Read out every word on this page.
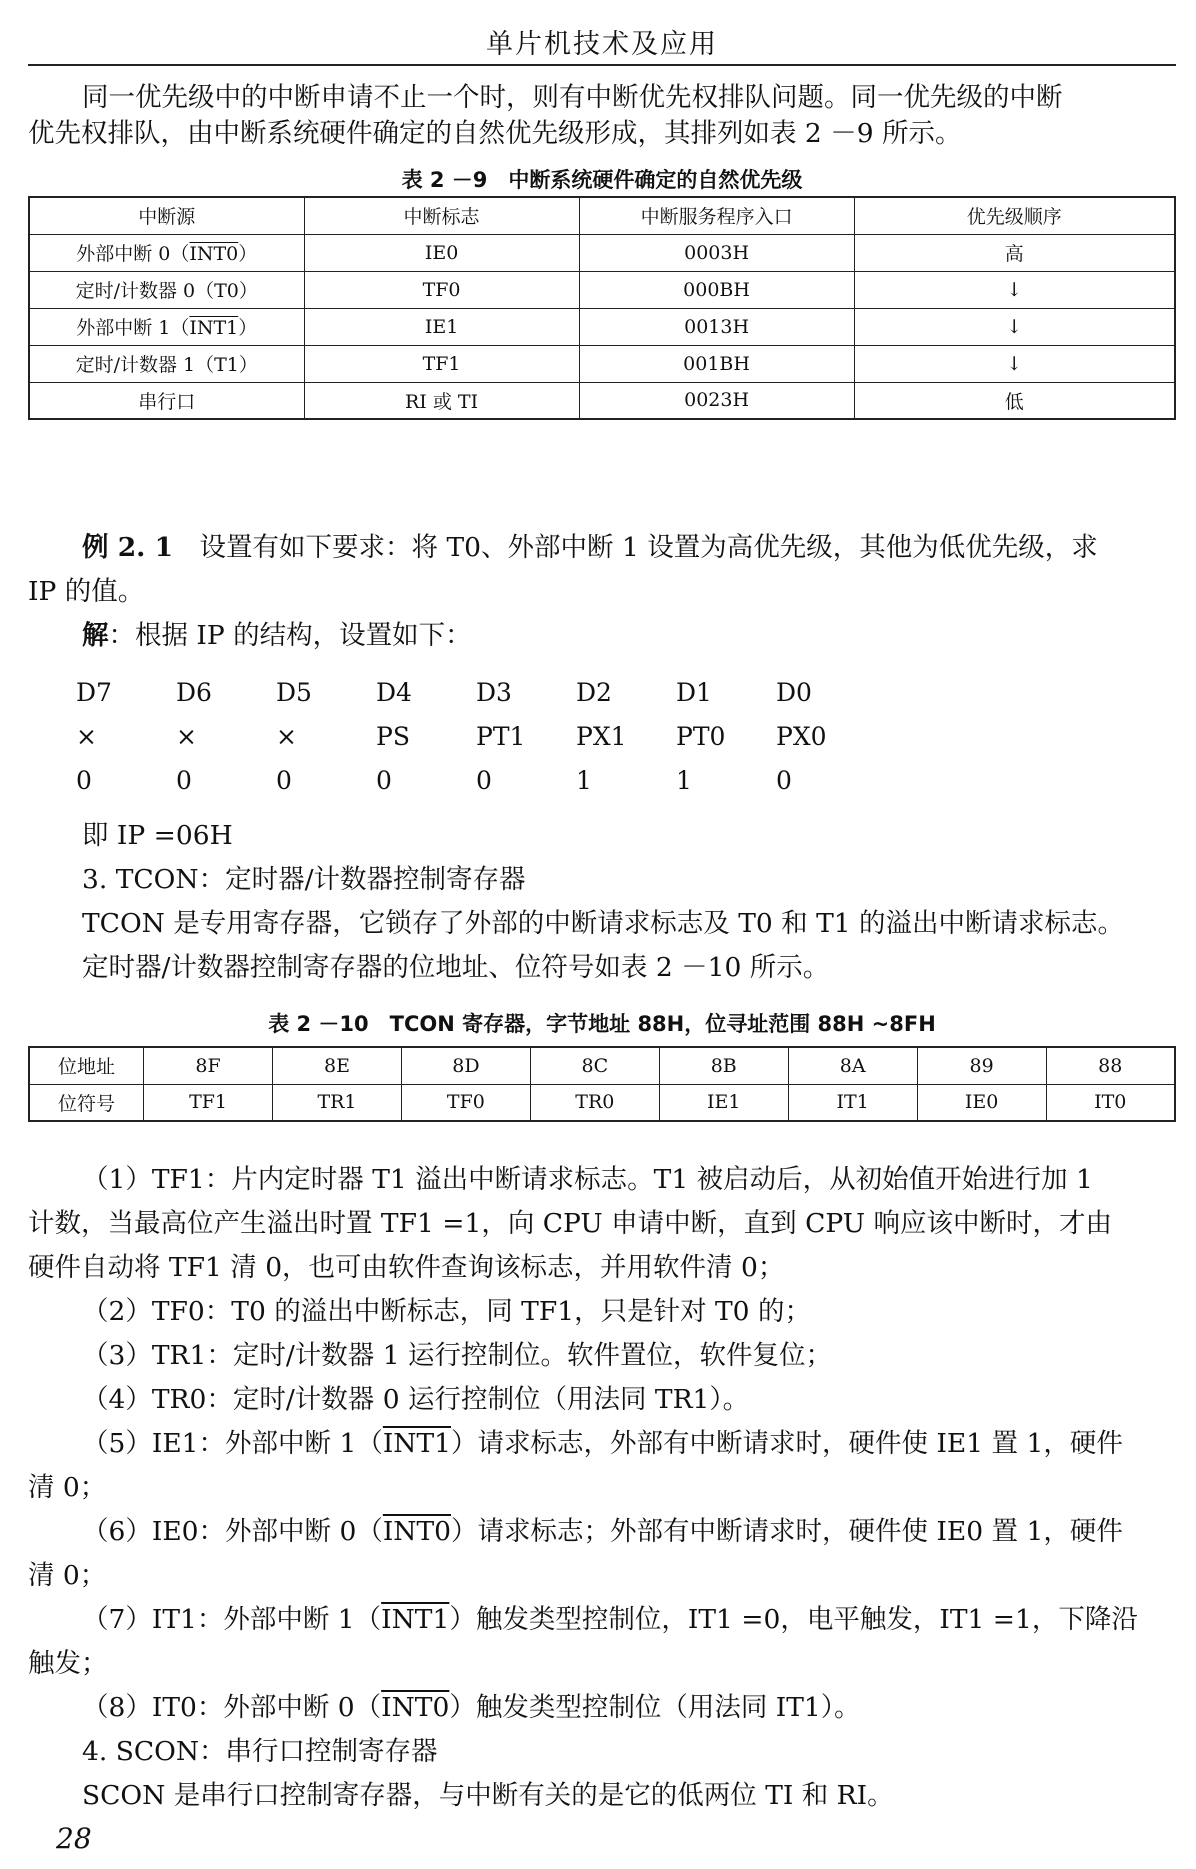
单片机技术及应用
同一优先级中的中断申请不止一个时，则有中断优先权排队问题。同一优先级的中断
优先权排队，由中断系统硬件确定的自然优先级形成，其排列如表 2 －9 所示。
表 2 －9　中断系统硬件确定的自然优先级
中断源	中断标志	中断服务程序入口	优先级顺序
外部中断 0（INT0）	IE0	0003H	高
定时/计数器 0（T0）	TF0	000BH	↓
外部中断 1（INT1）	IE1	0013H	↓
定时/计数器 1（T1）	TF1	001BH	↓
串行口	RI 或 TI	0023H	低
例 2. 1　设置有如下要求：将 T0、外部中断 1 设置为高优先级，其他为低优先级，求
IP 的值。
解：根据 IP 的结构，设置如下：
D7	D6	D5	D4	D3	D2	D1	D0
×	×	×	PS	PT1	PX1	PT0	PX0
0	0	0	0	0	1	1	0
即 IP =06H
3. TCON：定时器/计数器控制寄存器
TCON 是专用寄存器，它锁存了外部的中断请求标志及 T0 和 T1 的溢出中断请求标志。
定时器/计数器控制寄存器的位地址、位符号如表 2 －10 所示。
表 2 －10　TCON 寄存器，字节地址 88H，位寻址范围 88H ~8FH
位地址	8F	8E	8D	8C	8B	8A	89	88
位符号	TF1	TR1	TF0	TR0	IE1	IT1	IE0	IT0
（1）TF1：片内定时器 T1 溢出中断请求标志。T1 被启动后，从初始值开始进行加 1
计数，当最高位产生溢出时置 TF1 =1，向 CPU 申请中断，直到 CPU 响应该中断时，才由
硬件自动将 TF1 清 0，也可由软件查询该标志，并用软件清 0；
（2）TF0：T0 的溢出中断标志，同 TF1，只是针对 T0 的；
（3）TR1：定时/计数器 1 运行控制位。软件置位，软件复位；
（4）TR0：定时/计数器 0 运行控制位（用法同 TR1）。
（5）IE1：外部中断 1（INT1）请求标志，外部有中断请求时，硬件使 IE1 置 1，硬件
清 0；
（6）IE0：外部中断 0（INT0）请求标志；外部有中断请求时，硬件使 IE0 置 1，硬件
清 0；
（7）IT1：外部中断 1（INT1）触发类型控制位，IT1 =0，电平触发，IT1 =1，下降沿
触发；
（8）IT0：外部中断 0（INT0）触发类型控制位（用法同 IT1）。
4. SCON：串行口控制寄存器
SCON 是串行口控制寄存器，与中断有关的是它的低两位 TI 和 RI。
28
